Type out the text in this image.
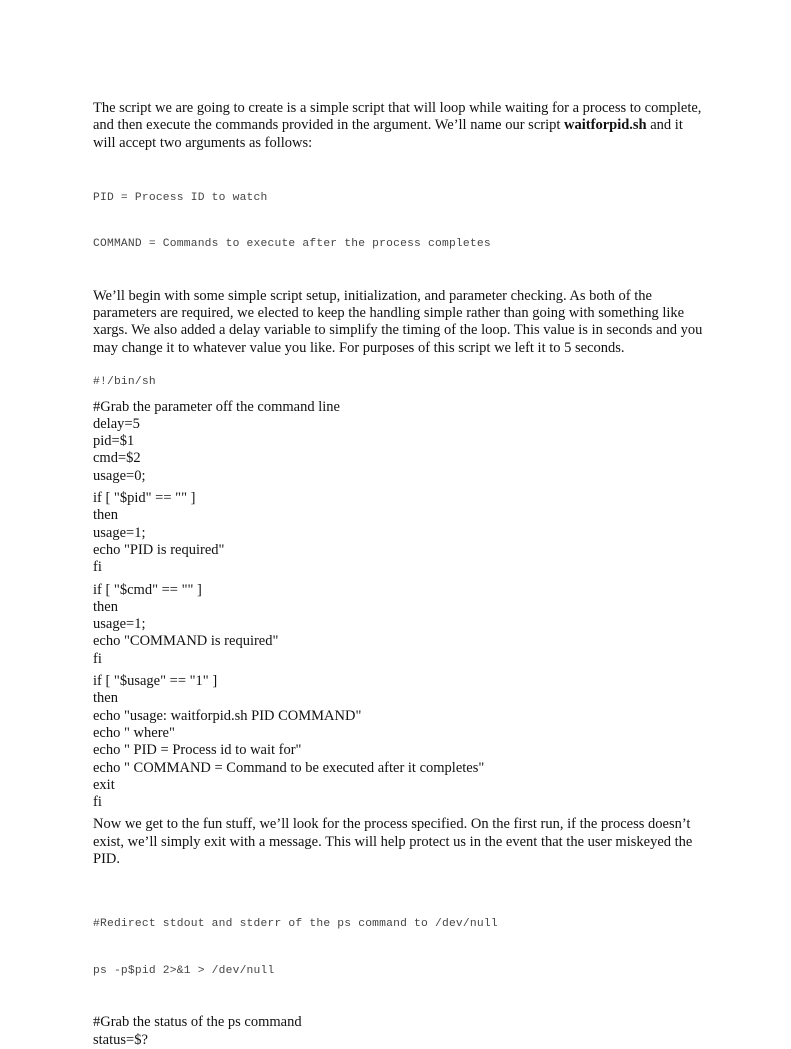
The script we are going to create is a simple script that will loop while waiting for a process to complete, and then execute the commands provided in the argument. We’ll name our script waitforpid.sh and it will accept two arguments as follows:

PID = Process ID to watch

COMMAND = Commands to execute after the process completes

We’ll begin with some simple script setup, initialization, and parameter checking. As both of the parameters are required, we elected to keep the handling simple rather than going with something like xargs. We also added a delay variable to simplify the timing of the loop. This value is in seconds and you may change it to whatever value you like. For purposes of this script we left it to 5 seconds.

#!/bin/sh
#Grab the parameter off the command line
delay=5
pid=$1
cmd=$2
usage=0;
if [ "$pid" == "" ]
then
usage=1;
echo "PID is required"
fi
if [ "$cmd" == "" ]
then
usage=1;
echo "COMMAND is required"
fi
if [ "$usage" == "1" ]
then
echo "usage: waitforpid.sh PID COMMAND"
echo " where"
echo " PID = Process id to wait for"
echo " COMMAND = Command to be executed after it completes"
exit
fi

Now we get to the fun stuff, we’ll look for the process specified. On the first run, if the process doesn’t exist, we’ll simply exit with a message. This will help protect us in the event that the user miskeyed the PID.

#Redirect stdout and stderr of the ps command to /dev/null

ps -p$pid 2>&1 > /dev/null

#Grab the status of the ps command
status=$?
